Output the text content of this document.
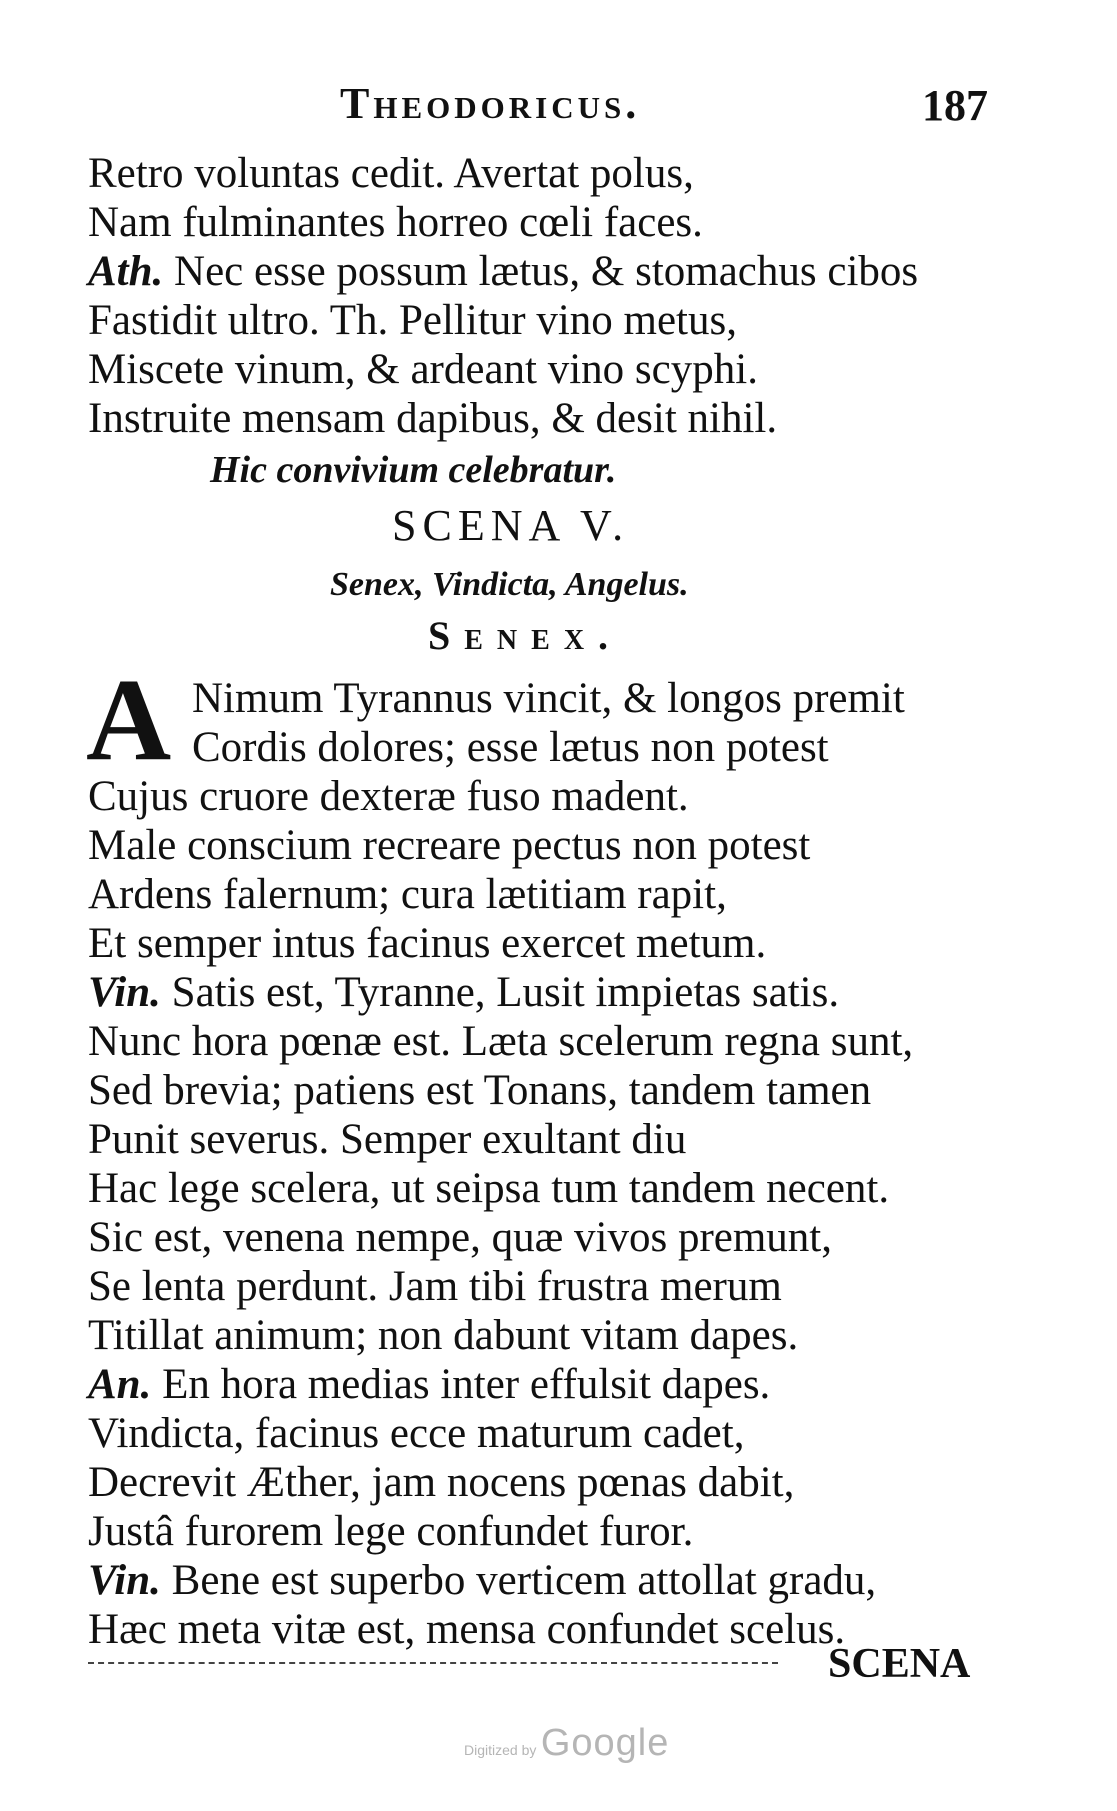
Theodoricus.	187
Retro voluntas cedit. Avertat polus,
Nam fulminantes horreo cœli faces.
Ath. Nec esse possum lætus, & stomachus cibos
Fastidit ultro. Th. Pellitur vino metus,
Miscete vinum, & ardeant vino scyphi.
Instruite mensam dapibus, & desit nihil.
Hic convivium celebratur.
SCENA V.
Senex, Vindicta, Angelus.
Senex.
A Nimum Tyrannus vincit, & longos premit
Cordis dolores; esse lætus non potest
Cujus cruore dexteræ fuso madent.
Male conscium recreare pectus non potest
Ardens falernum; cura lætitiam rapit,
Et semper intus facinus exercet metum.
Vin. Satis est, Tyranne, Lusit impietas satis.
Nunc hora pœnæ est. Læta scelerum regna sunt,
Sed brevia; patiens est Tonans, tandem tamen
Punit severus. Semper exultant diu
Hac lege scelera, ut seipsa tum tandem necent.
Sic est, venena nempe, quæ vivos premunt,
Se lenta perdunt. Jam tibi frustra merum
Titillat animum; non dabunt vitam dapes.
An. En hora medias inter effulsit dapes.
Vindicta, facinus ecce maturum cadet,
Decrevit Æther, jam nocens pœnas dabit,
Justâ furorem lege confundet furor.
Vin. Bene est superbo verticem attollat gradu,
Hæc meta vitæ est, mensa confundet scelus.
SCENA
Digitized by Google
